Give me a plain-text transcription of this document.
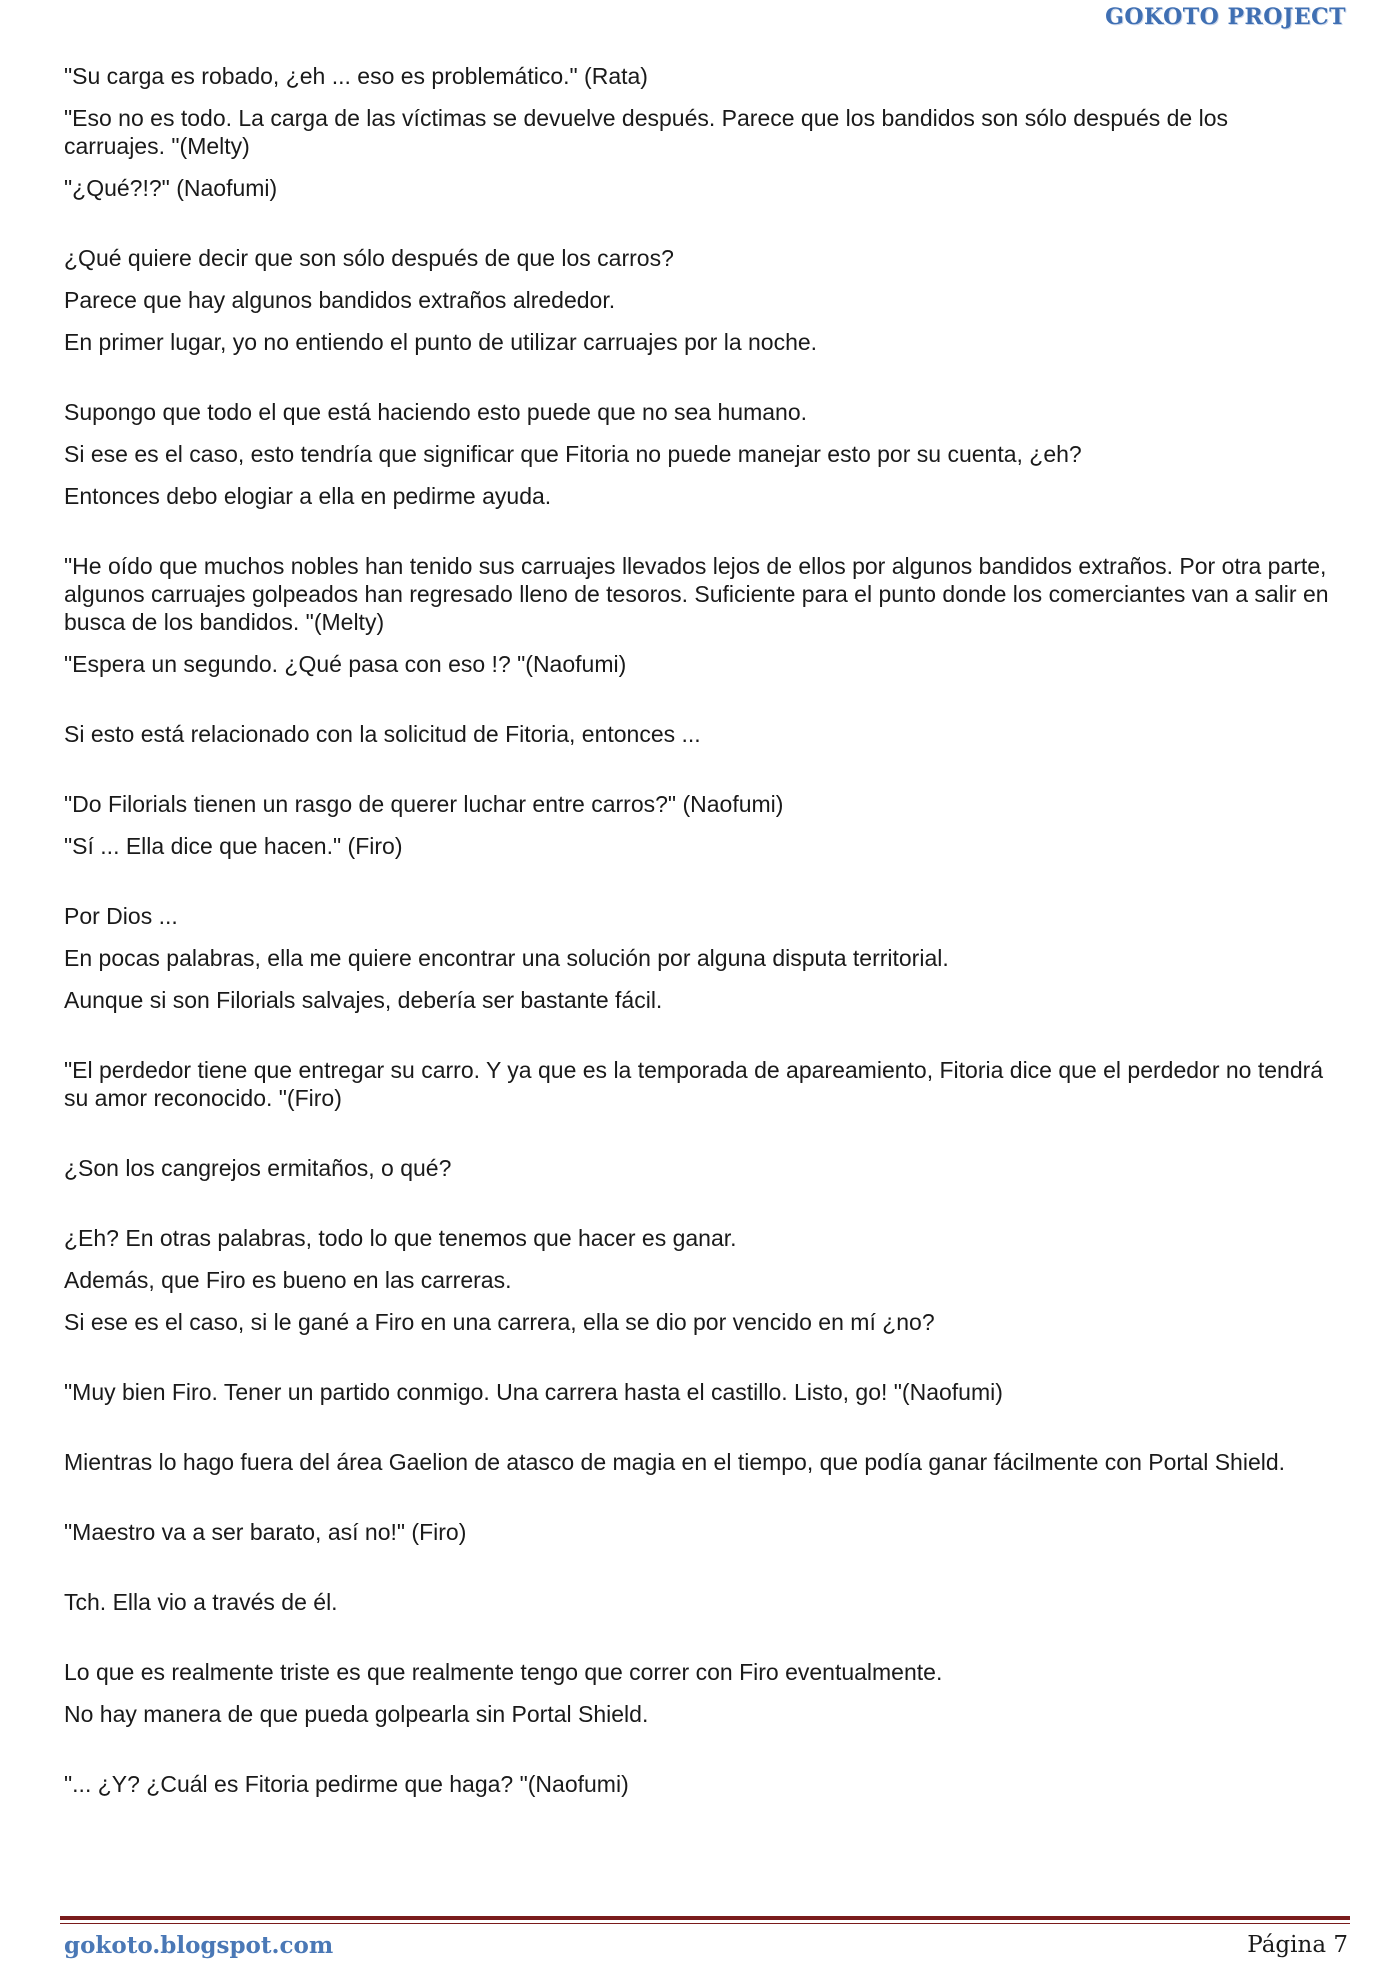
GOKOTO PROJECT

"Su carga es robado, ¿eh ... eso es problemático." (Rata)

"Eso no es todo. La carga de las víctimas se devuelve después. Parece que los bandidos son sólo después de los carruajes. "(Melty)

"¿Qué?!?" (Naofumi)

¿Qué quiere decir que son sólo después de que los carros?

Parece que hay algunos bandidos extraños alrededor.

En primer lugar, yo no entiendo el punto de utilizar carruajes por la noche.

Supongo que todo el que está haciendo esto puede que no sea humano.

Si ese es el caso, esto tendría que significar que Fitoria no puede manejar esto por su cuenta, ¿eh?

Entonces debo elogiar a ella en pedirme ayuda.

"He oído que muchos nobles han tenido sus carruajes llevados lejos de ellos por algunos bandidos extraños. Por otra parte, algunos carruajes golpeados han regresado lleno de tesoros. Suficiente para el punto donde los comerciantes van a salir en busca de los bandidos. "(Melty)

"Espera un segundo. ¿Qué pasa con eso !? "(Naofumi)

Si esto está relacionado con la solicitud de Fitoria, entonces ...

"Do Filorials tienen un rasgo de querer luchar entre carros?" (Naofumi)

"Sí ... Ella dice que hacen." (Firo)

Por Dios ...

En pocas palabras, ella me quiere encontrar una solución por alguna disputa territorial.

Aunque si son Filorials salvajes, debería ser bastante fácil.

"El perdedor tiene que entregar su carro. Y ya que es la temporada de apareamiento, Fitoria dice que el perdedor no tendrá su amor reconocido. "(Firo)

¿Son los cangrejos ermitaños, o qué?

¿Eh? En otras palabras, todo lo que tenemos que hacer es ganar.

Además, que Firo es bueno en las carreras.

Si ese es el caso, si le gané a Firo en una carrera, ella se dio por vencido en mí ¿no?

"Muy bien Firo. Tener un partido conmigo. Una carrera hasta el castillo. Listo, go! "(Naofumi)

Mientras lo hago fuera del área Gaelion de atasco de magia en el tiempo, que podía ganar fácilmente con Portal Shield.

"Maestro va a ser barato, así no!" (Firo)

Tch. Ella vio a través de él.

Lo que es realmente triste es que realmente tengo que correr con Firo eventualmente.

No hay manera de que pueda golpearla sin Portal Shield.

"... ¿Y? ¿Cuál es Fitoria pedirme que haga? "(Naofumi)

gokoto.blogspot.com	Página 7
